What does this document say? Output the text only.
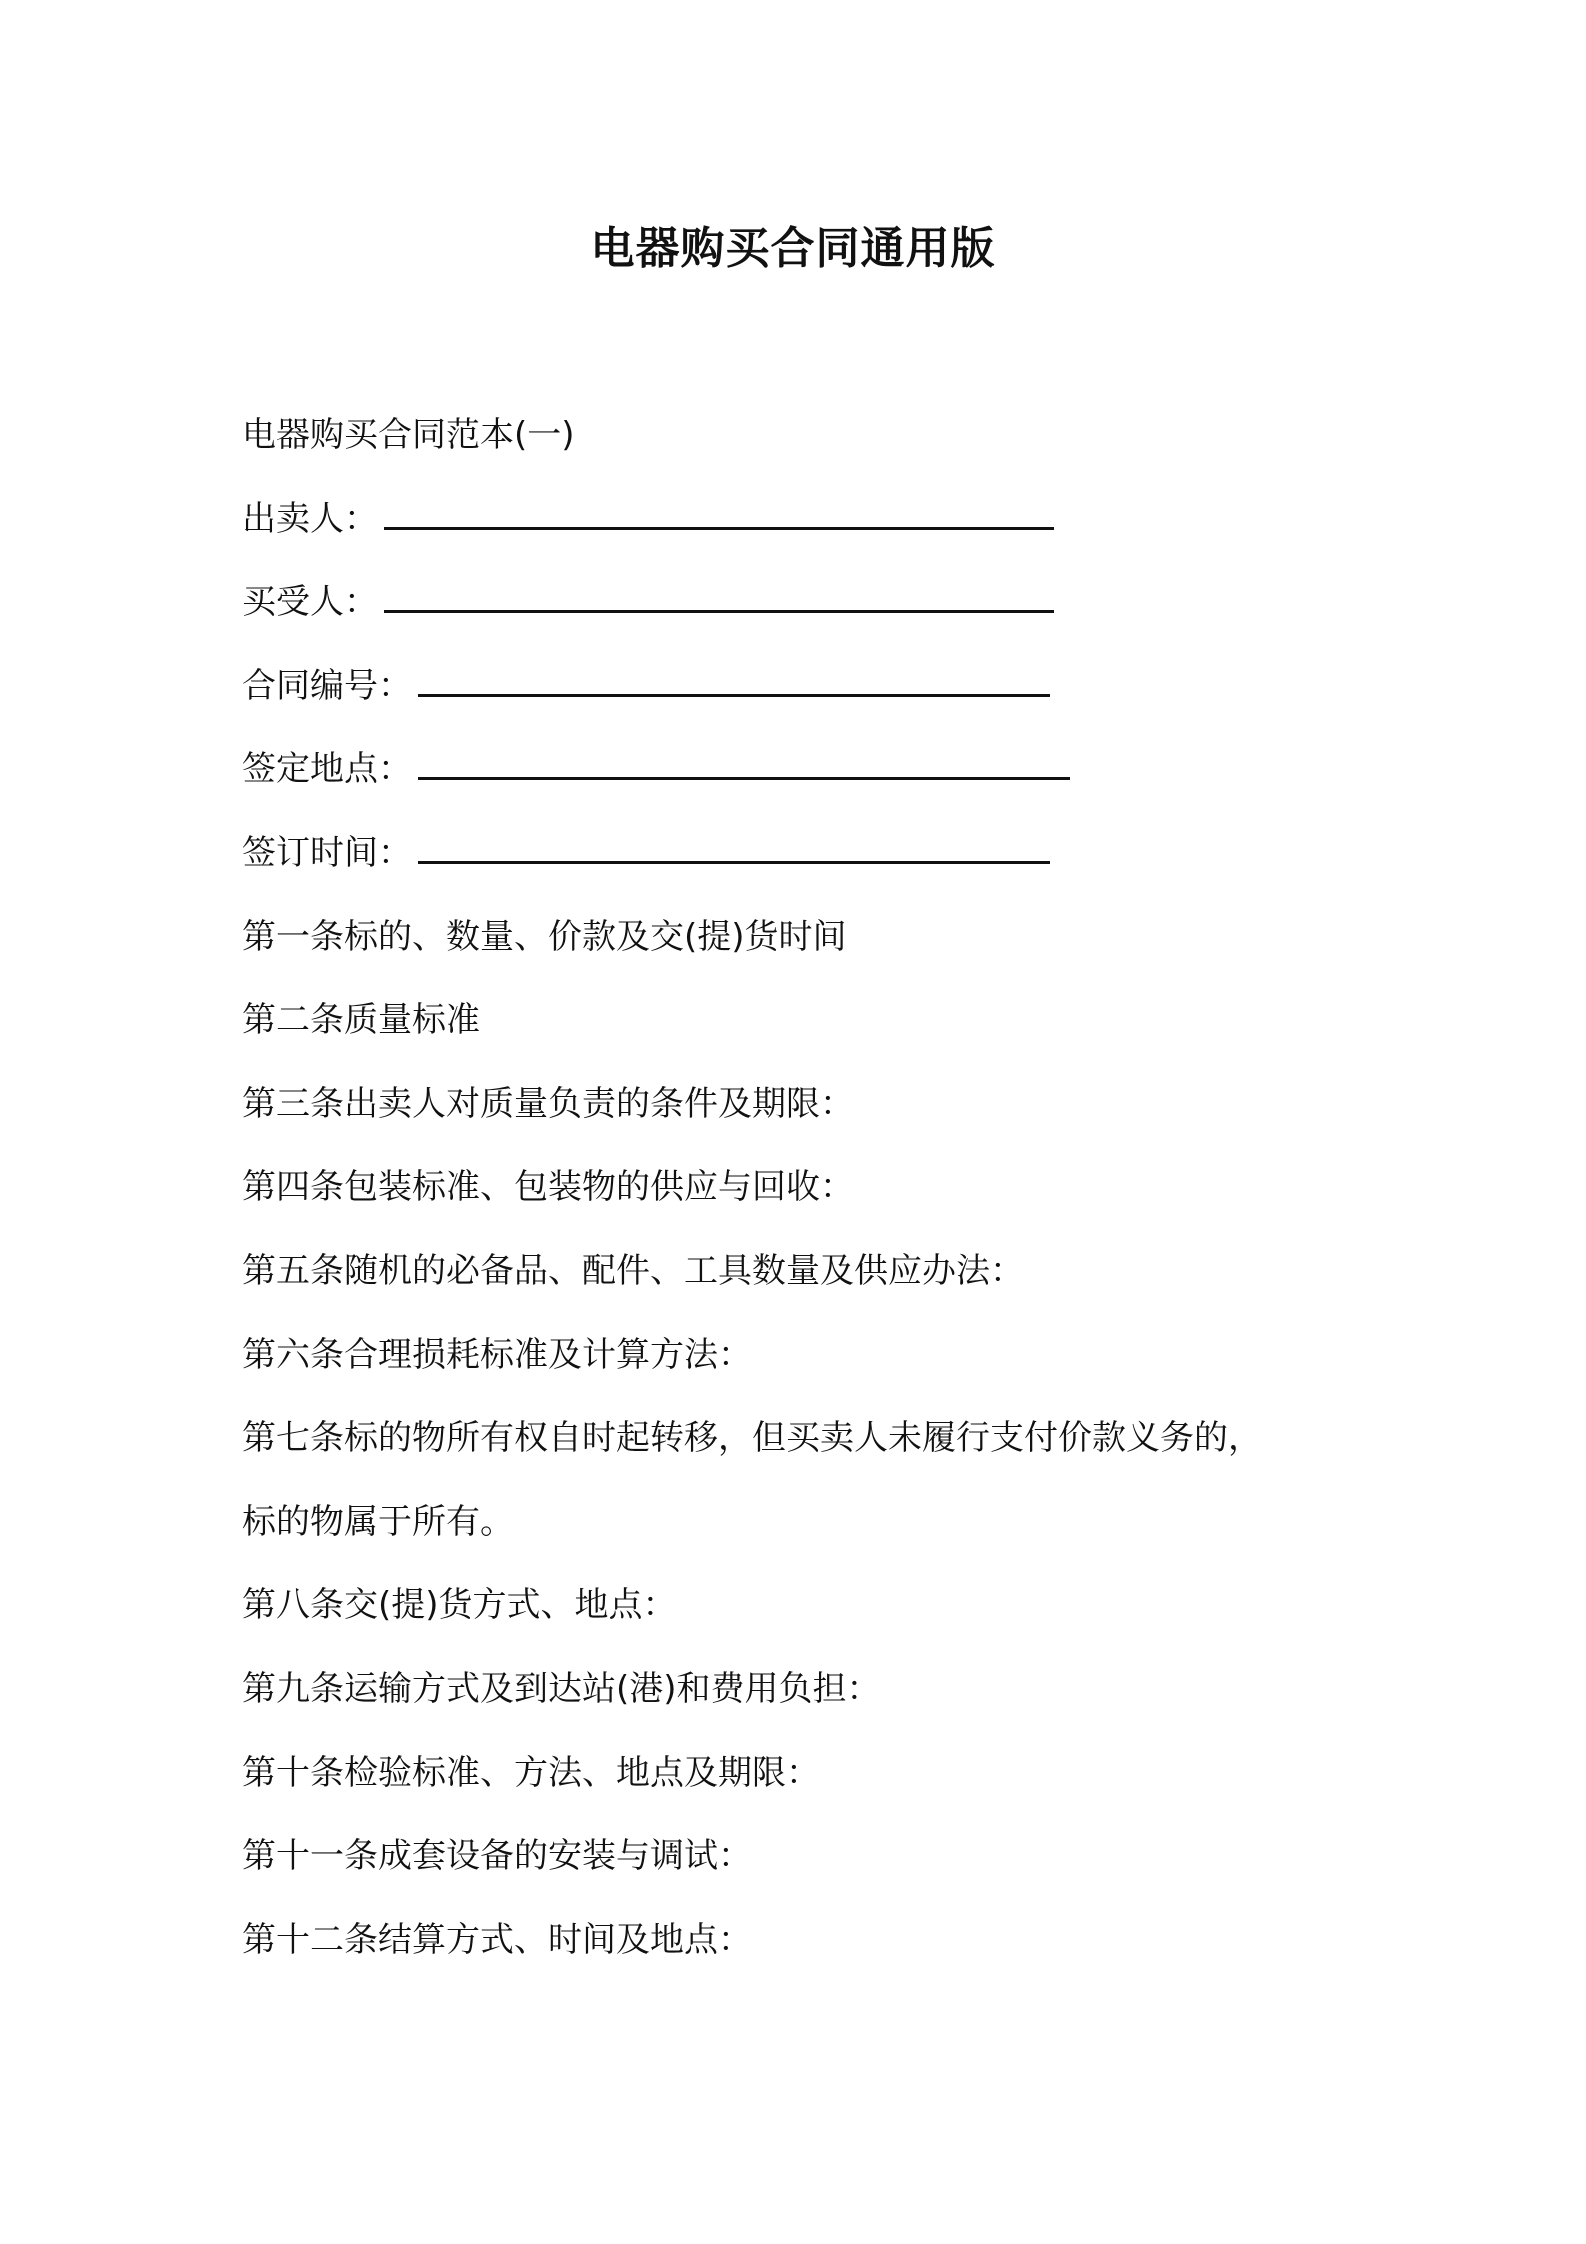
电器购买合同通用版
电器购买合同范本(一)
出卖人：
买受人：
合同编号：
签定地点：
签订时间：
第一条标的、数量、价款及交(提)货时间
第二条质量标准
第三条出卖人对质量负责的条件及期限：
第四条包装标准、包装物的供应与回收：
第五条随机的必备品、配件、工具数量及供应办法：
第六条合理损耗标准及计算方法：
第七条标的物所有权自时起转移，但买卖人未履行支付价款义务的，
标的物属于所有。
第八条交(提)货方式、地点：
第九条运输方式及到达站(港)和费用负担：
第十条检验标准、方法、地点及期限：
第十一条成套设备的安装与调试：
第十二条结算方式、时间及地点：
